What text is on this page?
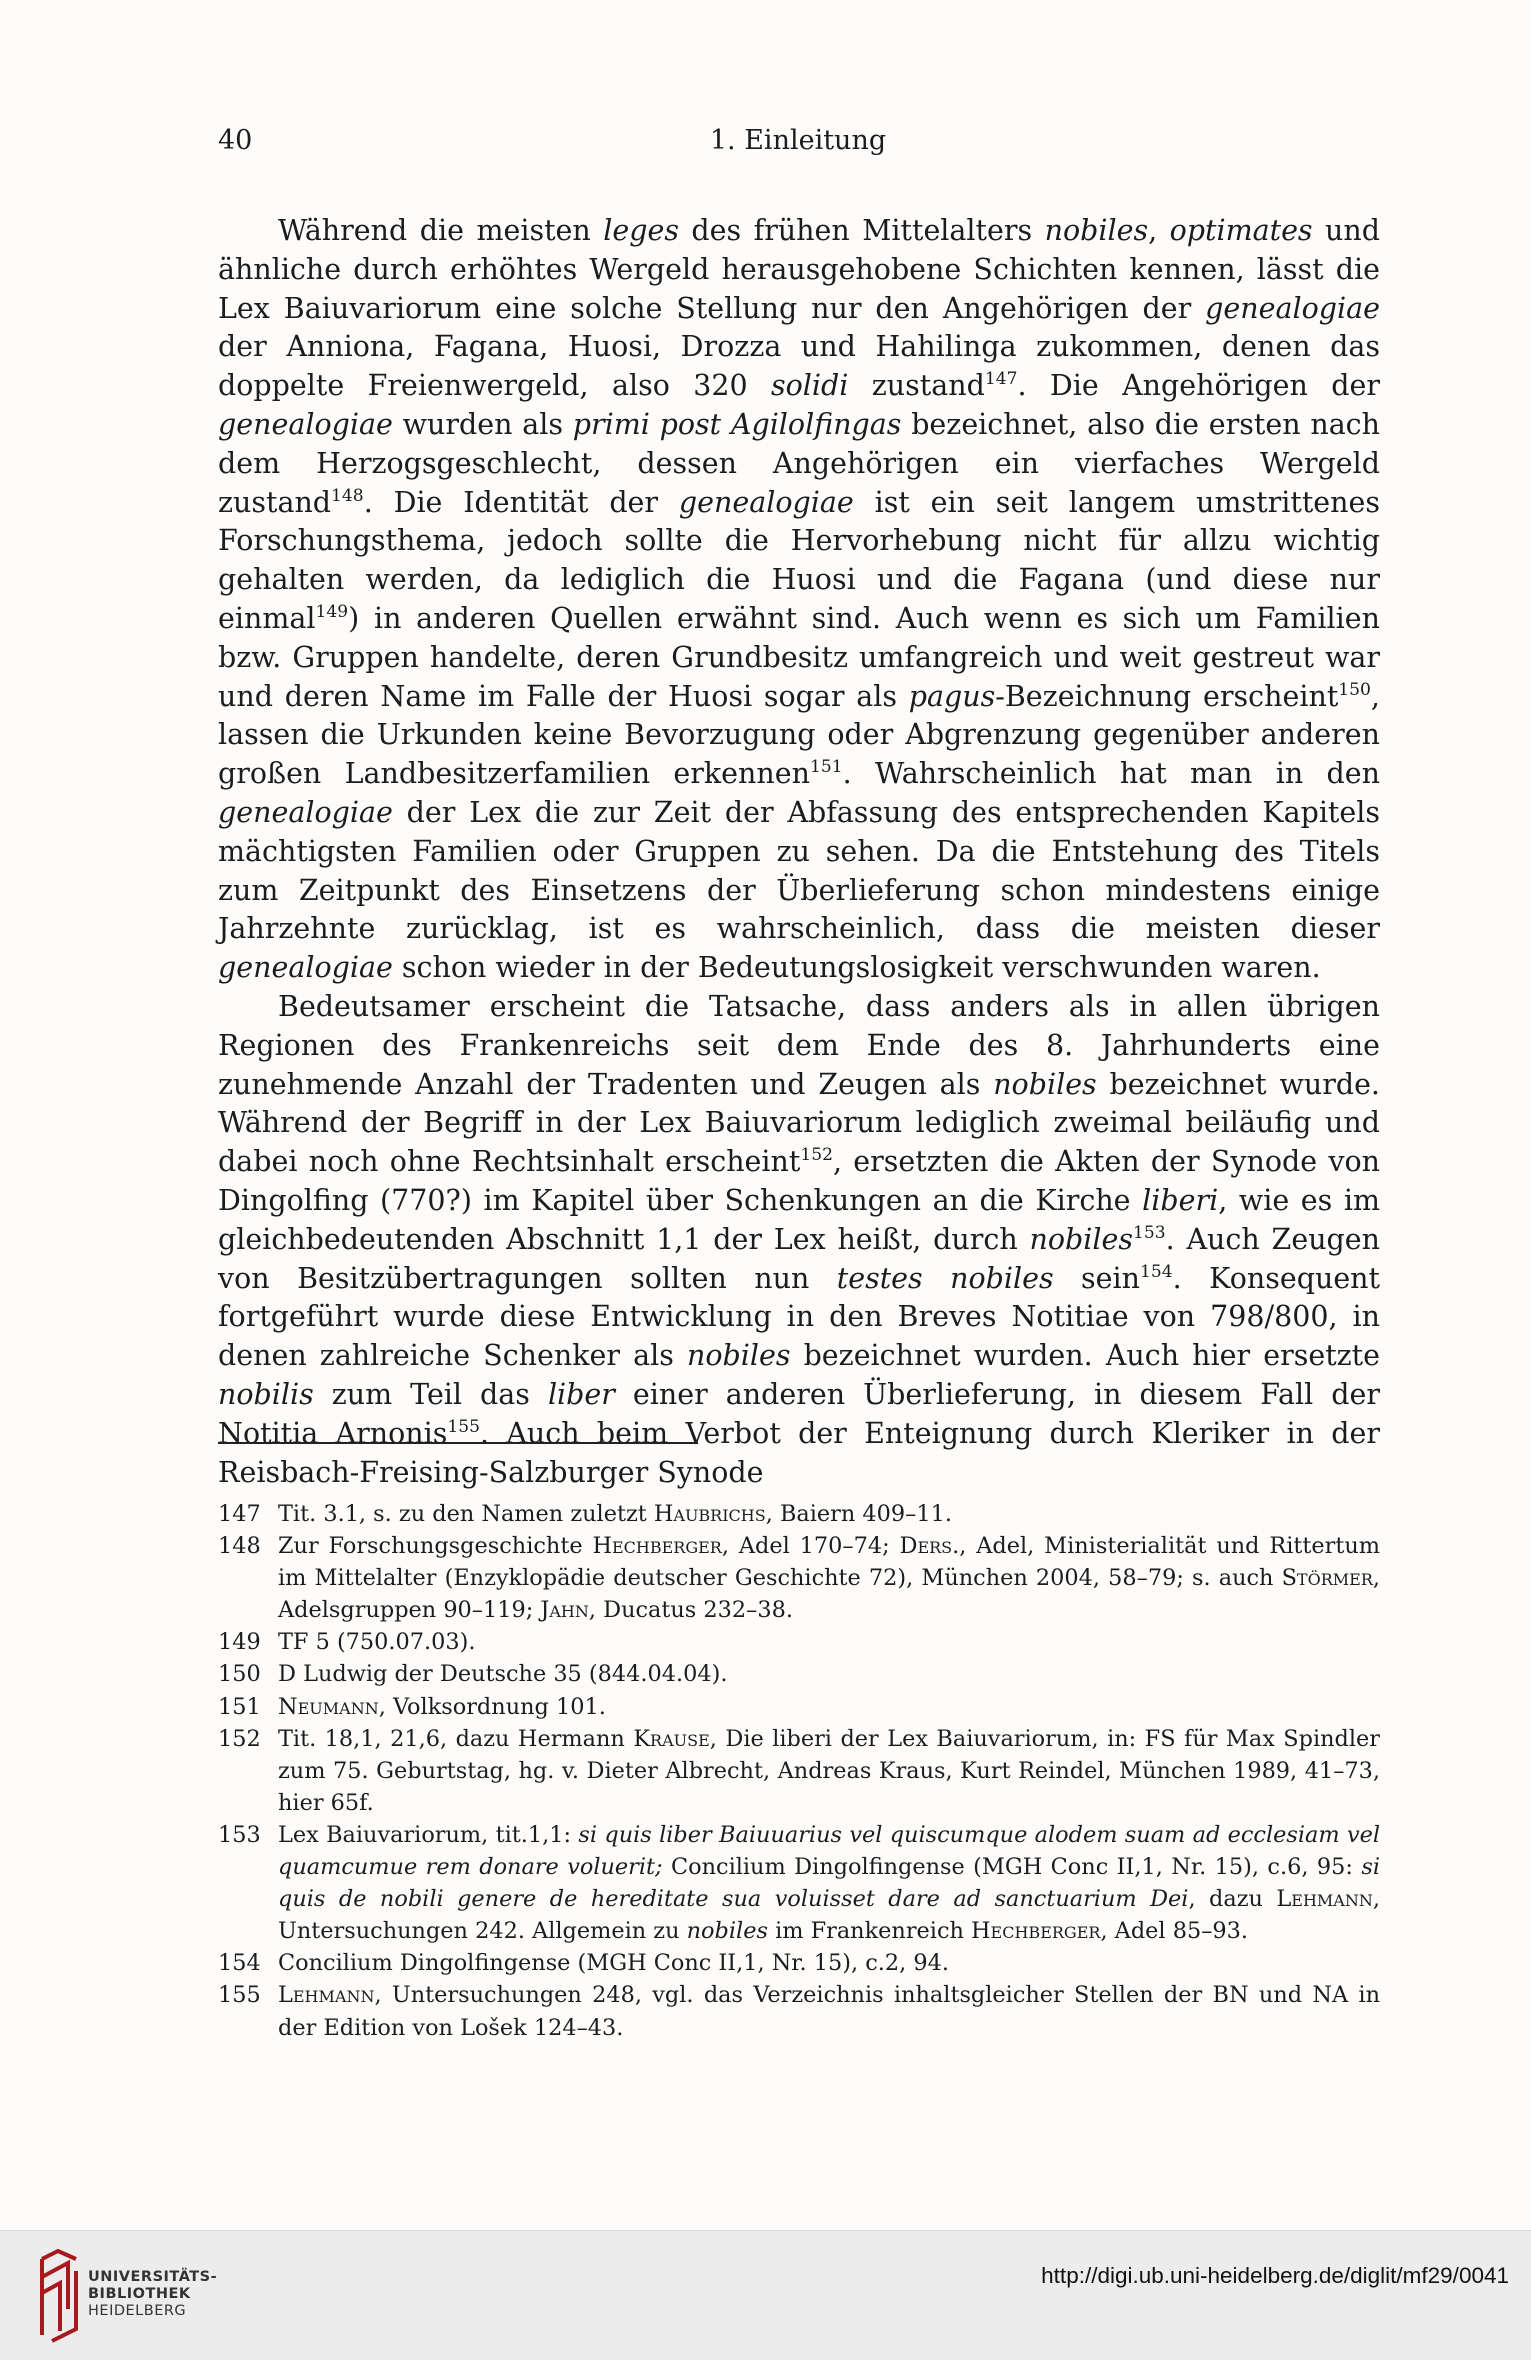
40	1. Einleitung

Während die meisten leges des frühen Mittelalters nobiles, optimates und ähnliche durch erhöhtes Wergeld herausgehobene Schichten kennen, lässt die Lex Baiuvariorum eine solche Stellung nur den Angehörigen der genealogiae der Anniona, Fagana, Huosi, Drozza und Hahilinga zukommen, denen das doppelte Freienwergeld, also 320 solidi zustand$^{147}$. Die Angehörigen der genealogiae wurden als primi post Agilolfingas bezeichnet, also die ersten nach dem Herzogsgeschlecht, dessen Angehörigen ein vierfaches Wergeld zustand$^{148}$. Die Identität der genealogiae ist ein seit langem umstrittenes Forschungsthema, jedoch sollte die Hervorhebung nicht für allzu wichtig gehalten werden, da lediglich die Huosi und die Fagana (und diese nur einmal$^{149}$) in anderen Quellen erwähnt sind. Auch wenn es sich um Familien bzw. Gruppen handelte, deren Grundbesitz umfangreich und weit gestreut war und deren Name im Falle der Huosi sogar als pagus-Bezeichnung erscheint$^{150}$, lassen die Urkunden keine Bevorzugung oder Abgrenzung gegenüber anderen großen Landbesitzerfamilien erkennen$^{151}$. Wahrscheinlich hat man in den genealogiae der Lex die zur Zeit der Abfassung des entsprechenden Kapitels mächtigsten Familien oder Gruppen zu sehen. Da die Entstehung des Titels zum Zeitpunkt des Einsetzens der Überlieferung schon mindestens einige Jahrzehnte zurücklag, ist es wahrscheinlich, dass die meisten dieser genealogiae schon wieder in der Bedeutungslosigkeit verschwunden waren.

Bedeutsamer erscheint die Tatsache, dass anders als in allen übrigen Regionen des Frankenreichs seit dem Ende des 8. Jahrhunderts eine zunehmende Anzahl der Tradenten und Zeugen als nobiles bezeichnet wurde. Während der Begriff in der Lex Baiuvariorum lediglich zweimal beiläufig und dabei noch ohne Rechtsinhalt erscheint$^{152}$, ersetzten die Akten der Synode von Dingolfing (770?) im Kapitel über Schenkungen an die Kirche liberi, wie es im gleichbedeutenden Abschnitt 1,1 der Lex heißt, durch nobiles$^{153}$. Auch Zeugen von Besitzübertragungen sollten nun testes nobiles sein$^{154}$. Konsequent fortgeführt wurde diese Entwicklung in den Breves Notitiae von 798/800, in denen zahlreiche Schenker als nobiles bezeichnet wurden. Auch hier ersetzte nobilis zum Teil das liber einer anderen Überlieferung, in diesem Fall der Notitia Arnonis$^{155}$. Auch beim Verbot der Enteignung durch Kleriker in der Reisbach-Freising-Salzburger Synode

147 Tit. 3.1, s. zu den Namen zuletzt Haubrichs, Baiern 409–11.
148 Zur Forschungsgeschichte Hechberger, Adel 170–74; Ders., Adel, Ministerialität und Rittertum im Mittelalter (Enzyklopädie deutscher Geschichte 72), München 2004, 58–79; s. auch Störmer, Adelsgruppen 90–119; Jahn, Ducatus 232–38.
149 TF 5 (750.07.03).
150 D Ludwig der Deutsche 35 (844.04.04).
151 Neumann, Volksordnung 101.
152 Tit. 18,1, 21,6, dazu Hermann Krause, Die liberi der Lex Baiuvariorum, in: FS für Max Spindler zum 75. Geburtstag, hg. v. Dieter Albrecht, Andreas Kraus, Kurt Reindel, München 1989, 41–73, hier 65f.
153 Lex Baiuvariorum, tit.1,1: si quis liber Baiuuarius vel quiscumque alodem suam ad ecclesiam vel quamcumue rem donare voluerit; Concilium Dingolfingense (MGH Conc II,1, Nr. 15), c.6, 95: si quis de nobili genere de hereditate sua voluisset dare ad sanctuarium Dei, dazu Lehmann, Untersuchungen 242. Allgemein zu nobiles im Frankenreich Hechberger, Adel 85–93.
154 Concilium Dingolfingense (MGH Conc II,1, Nr. 15), c.2, 94.
155 Lehmann, Untersuchungen 248, vgl. das Verzeichnis inhaltsgleicher Stellen der BN und NA in der Edition von Lošek 124–43.
UNIVERSITÄTS-
BIBLIOTHEK
HEIDELBERG
http://digi.ub.uni-heidelberg.de/diglit/mf29/0041
